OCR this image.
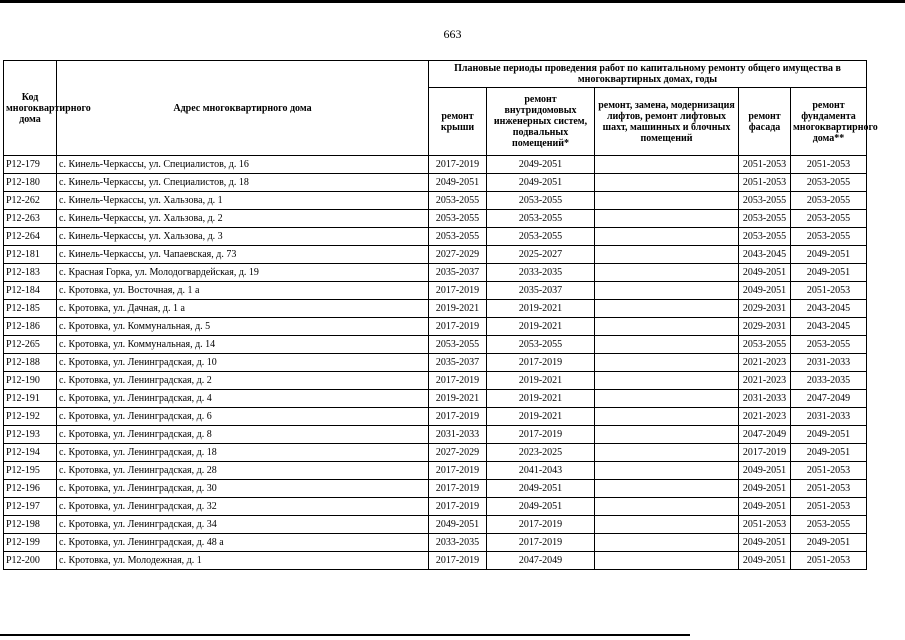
663
Код многоквартирного дома	Адрес многоквартирного дома	Плановые периоды проведения работ по капитальному ремонту общего имущества в многоквартирных домах, годы				
		ремонт крыши	ремонт внутридомовых инженерных систем, подвальных помещений*	ремонт, замена, модернизация лифтов, ремонт лифтовых шахт, машинных и блочных помещений	ремонт фасада	ремонт фундамента многоквартирного дома**
P12-179	с. Кинель-Черкассы, ул. Специалистов, д. 16	2017-2019	2049-2051		2051-2053	2051-2053
P12-180	с. Кинель-Черкассы, ул. Специалистов, д. 18	2049-2051	2049-2051		2051-2053	2053-2055
P12-262	с. Кинель-Черкассы, ул. Хальзова, д. 1	2053-2055	2053-2055		2053-2055	2053-2055
P12-263	с. Кинель-Черкассы, ул. Хальзова, д. 2	2053-2055	2053-2055		2053-2055	2053-2055
P12-264	с. Кинель-Черкассы, ул. Хальзова, д. 3	2053-2055	2053-2055		2053-2055	2053-2055
P12-181	с. Кинель-Черкассы, ул. Чапаевская, д. 73	2027-2029	2025-2027		2043-2045	2049-2051
P12-183	с. Красная Горка, ул. Молодогвардейская, д. 19	2035-2037	2033-2035		2049-2051	2049-2051
P12-184	с. Кротовка, ул. Восточная, д. 1 а	2017-2019	2035-2037		2049-2051	2051-2053
P12-185	с. Кротовка, ул. Дачная, д. 1 а	2019-2021	2019-2021		2029-2031	2043-2045
P12-186	с. Кротовка, ул. Коммунальная, д. 5	2017-2019	2019-2021		2029-2031	2043-2045
P12-265	с. Кротовка, ул. Коммунальная, д. 14	2053-2055	2053-2055		2053-2055	2053-2055
P12-188	с. Кротовка, ул. Ленинградская, д. 10	2035-2037	2017-2019		2021-2023	2031-2033
P12-190	с. Кротовка, ул. Ленинградская, д. 2	2017-2019	2019-2021		2021-2023	2033-2035
P12-191	с. Кротовка, ул. Ленинградская, д. 4	2019-2021	2019-2021		2031-2033	2047-2049
P12-192	с. Кротовка, ул. Ленинградская, д. 6	2017-2019	2019-2021		2021-2023	2031-2033
P12-193	с. Кротовка, ул. Ленинградская, д. 8	2031-2033	2017-2019		2047-2049	2049-2051
P12-194	с. Кротовка, ул. Ленинградская, д. 18	2027-2029	2023-2025		2017-2019	2049-2051
P12-195	с. Кротовка, ул. Ленинградская, д. 28	2017-2019	2041-2043		2049-2051	2051-2053
P12-196	с. Кротовка, ул. Ленинградская, д. 30	2017-2019	2049-2051		2049-2051	2051-2053
P12-197	с. Кротовка, ул. Ленинградская, д. 32	2017-2019	2049-2051		2049-2051	2051-2053
P12-198	с. Кротовка, ул. Ленинградская, д. 34	2049-2051	2017-2019		2051-2053	2053-2055
P12-199	с. Кротовка, ул. Ленинградская, д. 48 а	2033-2035	2017-2019		2049-2051	2049-2051
P12-200	с. Кротовка, ул. Молодежная, д. 1	2017-2019	2047-2049		2049-2051	2051-2053
